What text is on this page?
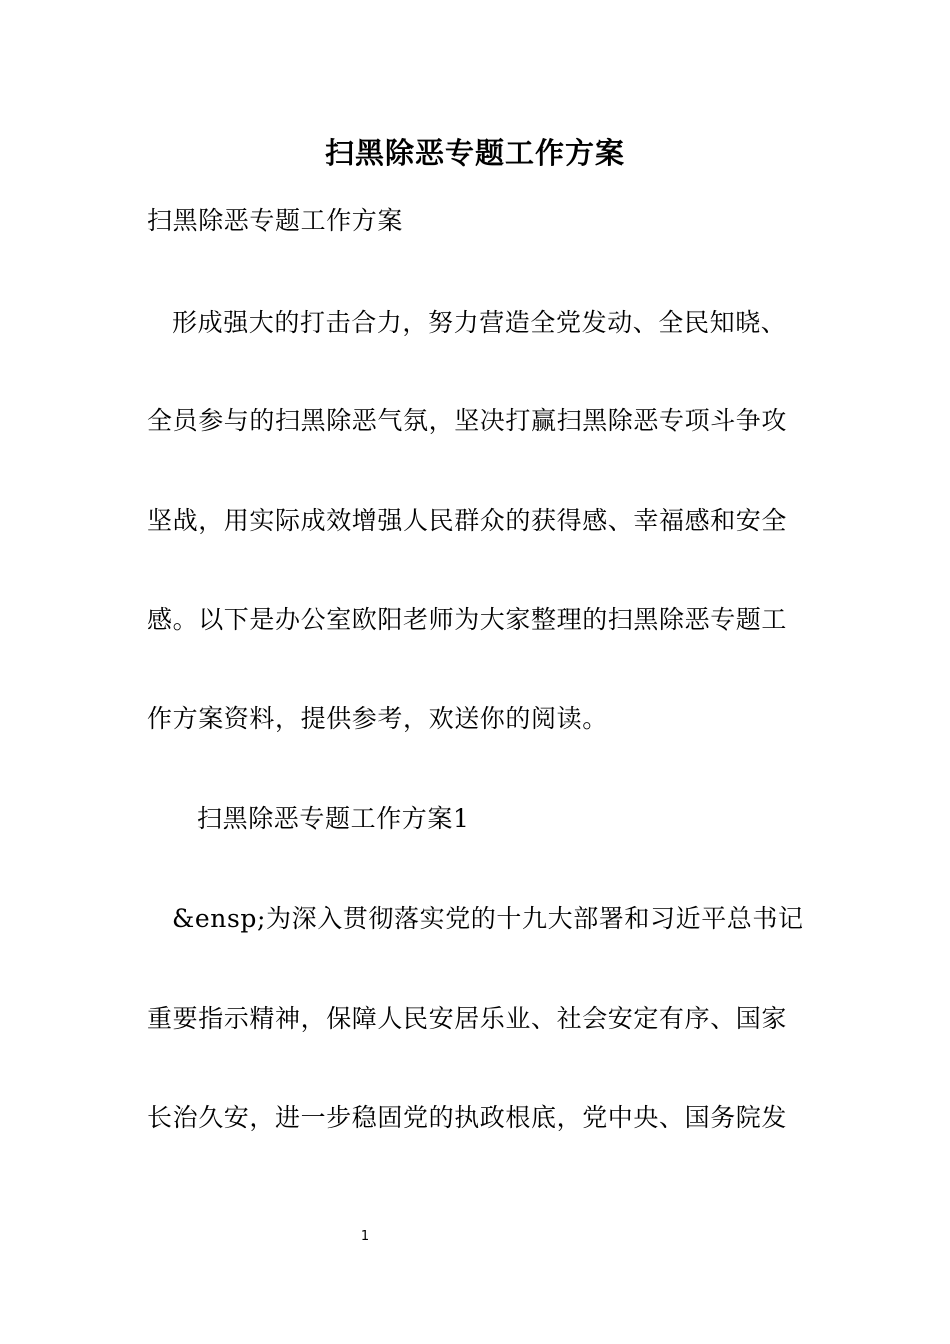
扫黑除恶专题工作方案
扫黑除恶专题工作方案
形成强大的打击合力，努力营造全党发动、全民知晓、
全员参与的扫黑除恶气氛，坚决打赢扫黑除恶专项斗争攻
坚战，用实际成效增强人民群众的获得感、幸福感和安全
感。以下是办公室欧阳老师为大家整理的扫黑除恶专题工
作方案资料，提供参考，欢送你的阅读。
扫黑除恶专题工作方案1
&ensp;为深入贯彻落实党的十九大部署和习近平总书记
重要指示精神，保障人民安居乐业、社会安定有序、国家
长治久安，进一步稳固党的执政根底，党中央、国务院发
1
